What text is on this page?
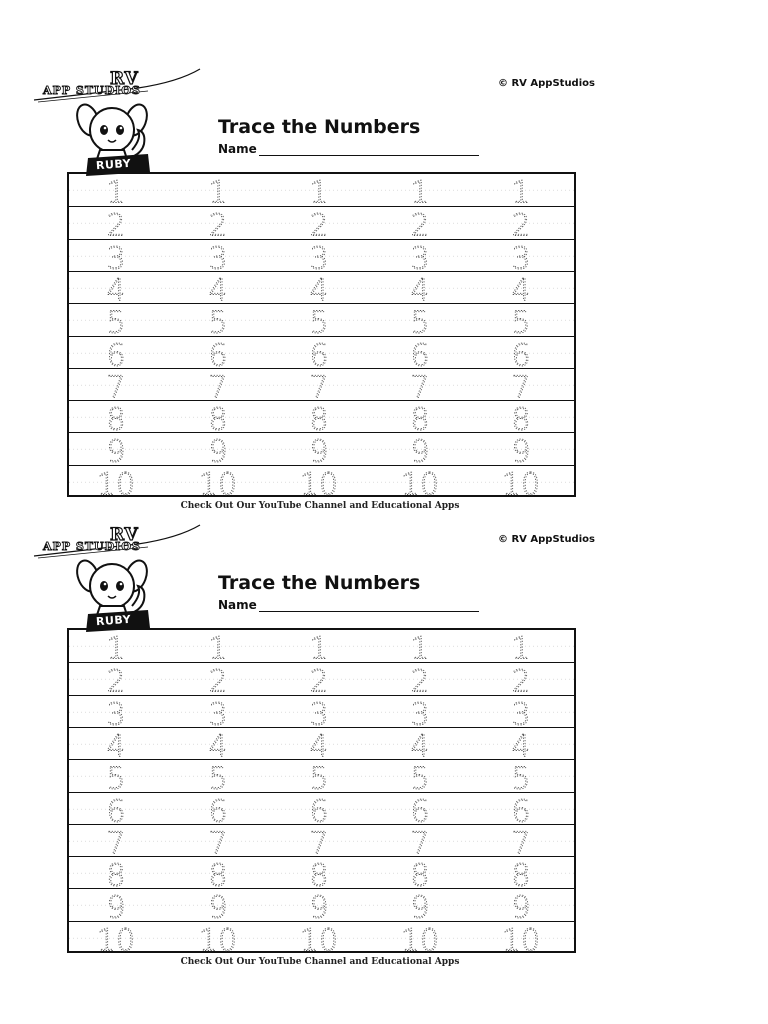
RV
APP STUDIOS
RUBY
© RV AppStudios
Trace the Numbers
Name
1	1	1	1	1
2	2	2	2	2
3	3	3	3	3
4	4	4	4	4
5	5	5	5	5
6	6	6	6	6
7	7	7	7	7
8	8	8	8	8
9	9	9	9	9
10 10 10 10 10
Check Out Our YouTube Channel and Educational Apps
RV
APP STUDIOS
RUBY
© RV AppStudios
Trace the Numbers
Name
1	1	1	1	1
2	2	2	2	2
3	3	3	3	3
4	4	4	4	4
5	5	5	5	5
6	6	6	6	6
7	7	7	7	7
8	8	8	8	8
9	9	9	9	9
10 10 10 10 10
Check Out Our YouTube Channel and Educational Apps
